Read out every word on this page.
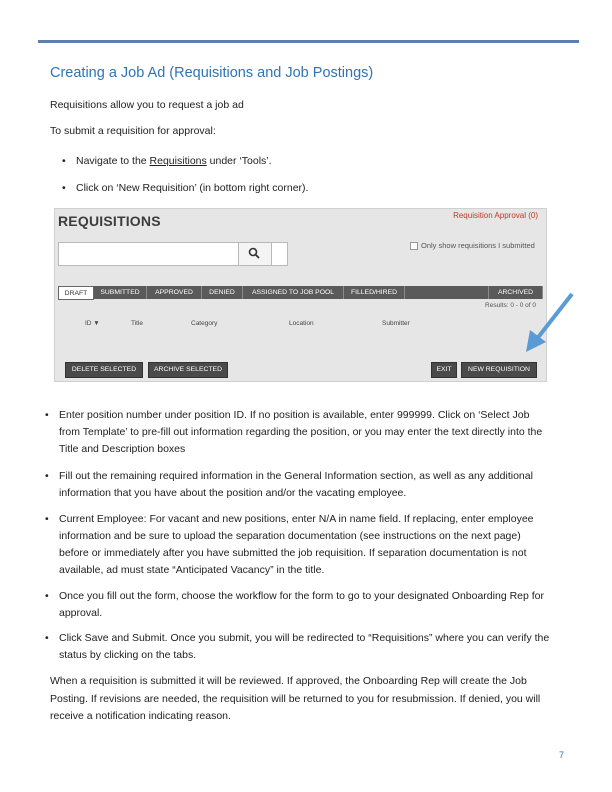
Creating a Job Ad (Requisitions and Job Postings)

Requisitions allow you to request a job ad

To submit a requisition for approval:

• Navigate to the Requisitions under ‘Tools’.
• Click on ‘New Requisition’ (in bottom right corner).
REQUISITIONS	Requisition Approval (0)
Only show requisitions I submitted
DRAFT	SUBMITTED	APPROVED	DENIED	ASSIGNED TO JOB POOL	FILLED/HIRED	ARCHIVED
Results: 0 - 0 of 0
ID ▼	Title	Category	Location	Submitter
DELETE SELECTED	ARCHIVE SELECTED	EXIT	NEW REQUISITION
• Enter position number under position ID. If no position is available, enter 999999. Click on ‘Select Job from Template’ to pre-fill out information regarding the position, or you may enter the text directly into the Title and Description boxes
• Fill out the remaining required information in the General Information section, as well as any additional information that you have about the position and/or the vacating employee.
• Current Employee: For vacant and new positions, enter N/A in name field. If replacing, enter employee information and be sure to upload the separation documentation (see instructions on the next page) before or immediately after you have submitted the job requisition. If separation documentation is not available, ad must state “Anticipated Vacancy” in the title.
• Once you fill out the form, choose the workflow for the form to go to your designated Onboarding Rep for approval.
• Click Save and Submit. Once you submit, you will be redirected to “Requisitions” where you can verify the status by clicking on the tabs.

When a requisition is submitted it will be reviewed. If approved, the Onboarding Rep will create the Job Posting. If revisions are needed, the requisition will be returned to you for resubmission. If denied, you will receive a notification indicating reason.

7
